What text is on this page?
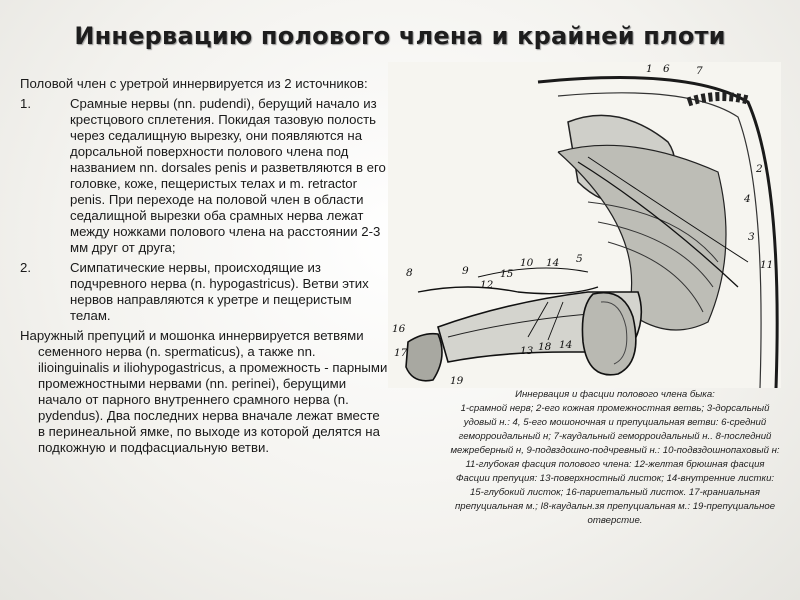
Иннервацию полового члена и крайней плоти

Половой член с уретрой иннервируется из 2 источников:

1.	Срамные нервы (nn. pudendi), берущий начало из крестцового сплетения. Покидая тазовую полость через седалищную вырезку, они появляются на дорсальной поверхности полового члена под названием nn. dorsales penis и разветвляются в его головке, коже, пещеристых телах и m. retractor penis. При переходе на половой член в области седалищной вырезки оба срамных нерва лежат между ножками полового члена на расстоянии 2-3 мм друг от друга;
2.	Симпатические нервы, происходящие из подчревного нерва (n. hypogastricus). Ветви этих нервов направляются к уретре и пещеристым телам.

Наружный препуций и мошонка иннервируется ветвями семенного нерва (n. spermaticus), а также nn. ilioinguinalis и iliohypogastricus, а промежность - парными промежностными нервами (nn. perinei), берущими начало от парного внутреннего срамного нерва (n. pydendus). Два последних нерва вначале лежат вместе в перинеальной ямке, по выходе из которой делятся на подкожную и подфасциальную ветви.

1 6	7
2
4
11
3
8	9	15
10 14 5
12
17	13 18 14
16
19
Иннервация и фасции полового члена быка:
1-срамной нерв; 2-его кожная промежностная ветвь; 3-дорсальный удовый н.: 4, 5-его мошоночная и препуциальная ветви: 6-средний геморроидальный н; 7-каудальный геморроидальный н.. 8-последний межреберный н, 9-подвздошно-подчревный н.: 10-подвздошнопаховый н: 11-глубокая фасция полового члена: 12-желтая брюшная фасция Фасции препуция: 13-поверхностный листок; 14-внутренние листки: 15-глубокий листок; 16-париетальный листок. 17-краниальная препуциальная м.; I8-каудальн.зя препуциальная м.: 19-препуциальное отверстие.
